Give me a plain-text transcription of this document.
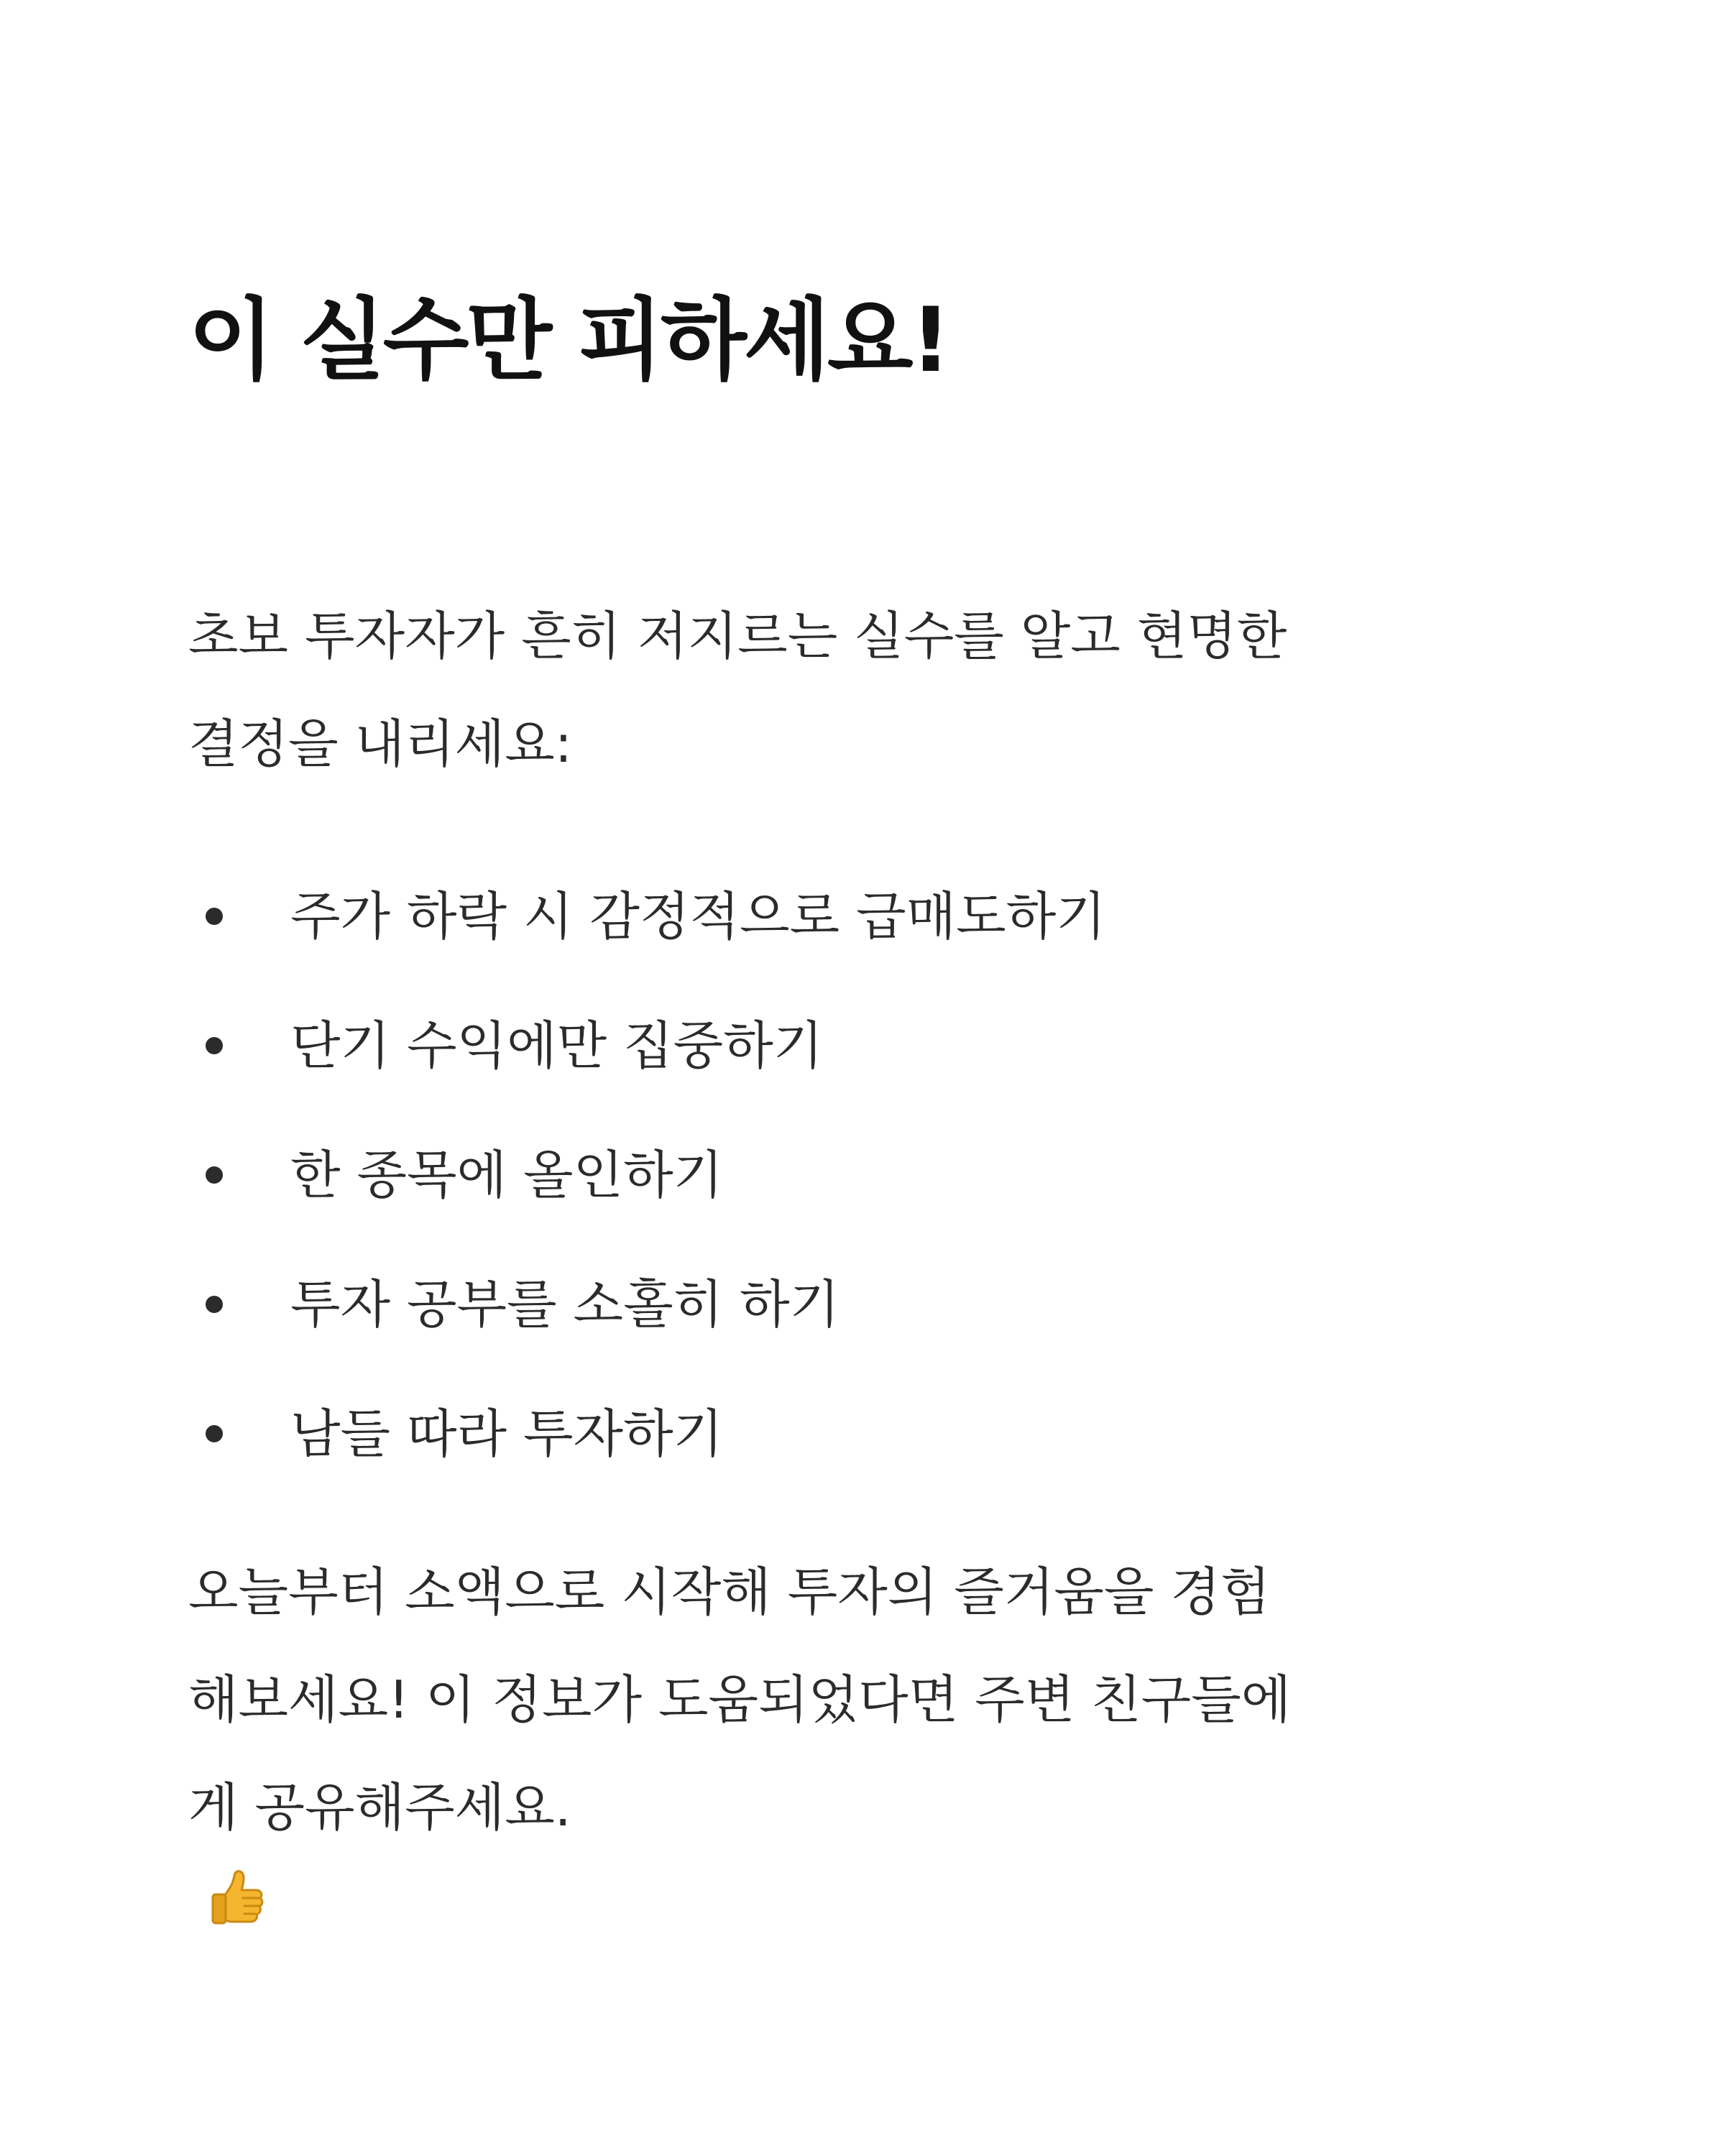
이 실수만 피하세요!

초보 투자자가 흔히 저지르는 실수를 알고 현명한
결정을 내리세요:

주가 하락 시 감정적으로 급매도하기
단기 수익에만 집중하기
한 종목에 올인하기
투자 공부를 소홀히 하기
남들 따라 투자하기

오늘부터 소액으로 시작해 투자의 즐거움을 경험
해보세요! 이 정보가 도움되었다면 주변 친구들에
게 공유해주세요.
